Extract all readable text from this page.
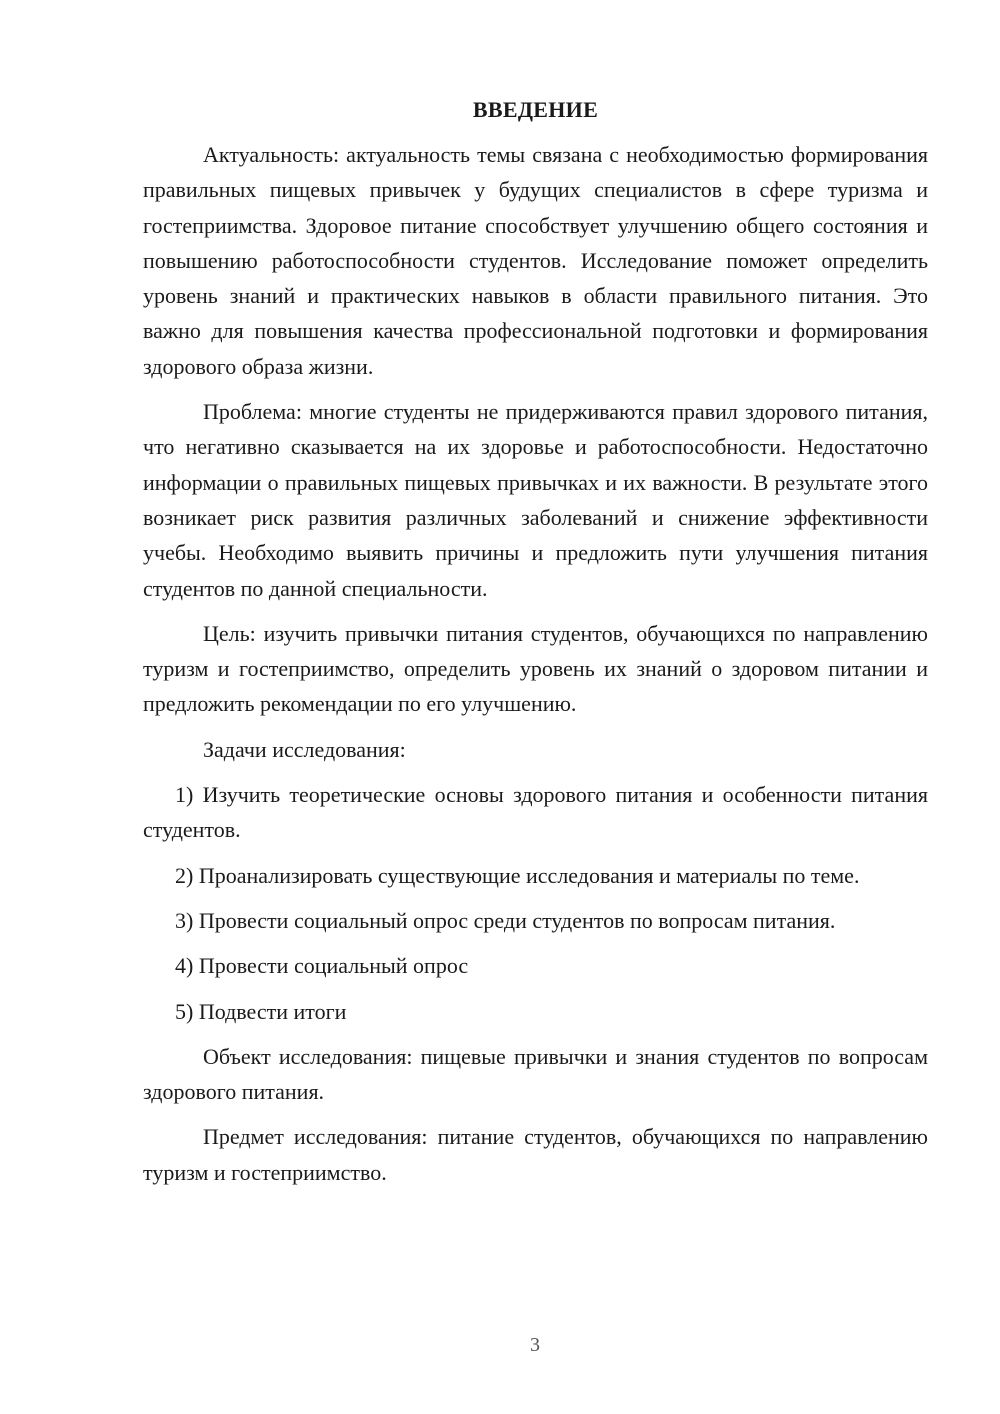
ВВЕДЕНИЕ

Актуальность: актуальность темы связана с необходимостью формирования правильных пищевых привычек у будущих специалистов в сфере туризма и гостеприимства. Здоровое питание способствует улучшению общего состояния и повышению работоспособности студентов. Исследование поможет определить уровень знаний и практических навыков в области правильного питания. Это важно для повышения качества профессиональной подготовки и формирования здорового образа жизни.

Проблема: многие студенты не придерживаются правил здорового питания, что негативно сказывается на их здоровье и работоспособности. Недостаточно информации о правильных пищевых привычках и их важности. В результате этого возникает риск развития различных заболеваний и снижение эффективности учебы. Необходимо выявить причины и предложить пути улучшения питания студентов по данной специальности.

Цель: изучить привычки питания студентов, обучающихся по направлению туризм и гостеприимство, определить уровень их знаний о здоровом питании и предложить рекомендации по его улучшению.

Задачи исследования:

1) Изучить теоретические основы здорового питания и особенности питания студентов.

2) Проанализировать существующие исследования и материалы по теме.

3) Провести социальный опрос среди студентов по вопросам питания.

4) Провести социальный опрос

5) Подвести итоги

Объект исследования: пищевые привычки и знания студентов по вопросам здорового питания.

Предмет исследования: питание студентов, обучающихся по направлению туризм и гостеприимство.

3
